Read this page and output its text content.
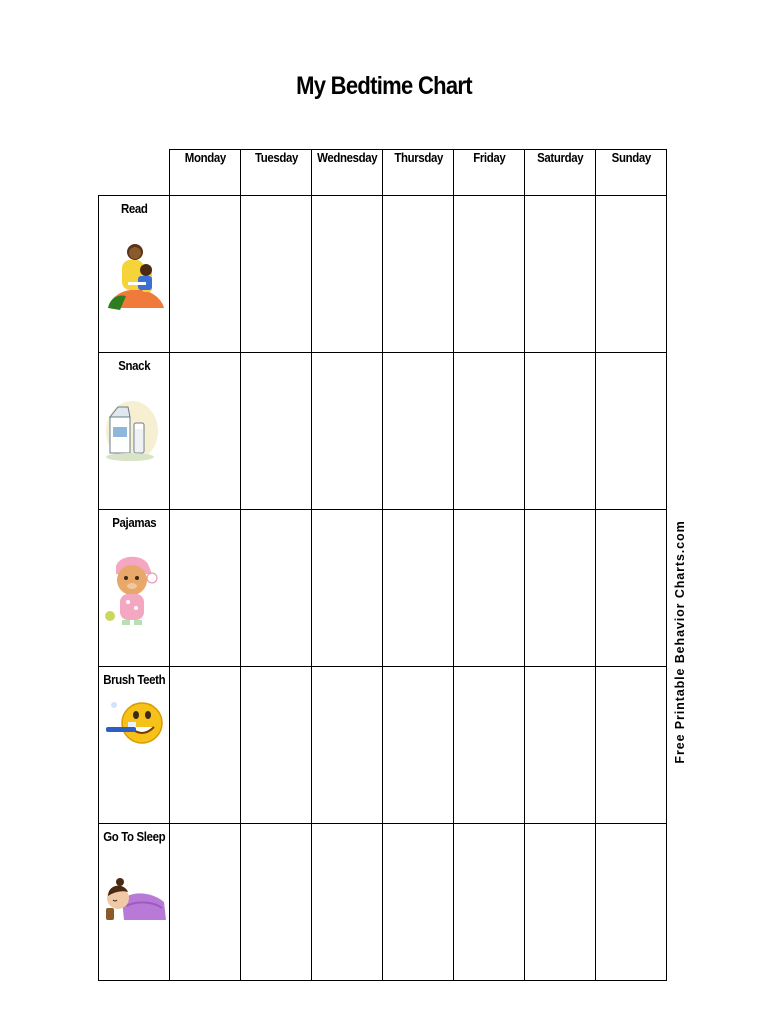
My Bedtime Chart
	Monday	Tuesday	Wednesday	Thursday	Friday	Saturday	Sunday

Read							

Snack							

Pajamas							

Brush Teeth							

Go To Sleep							

Free Printable Behavior Charts.com
